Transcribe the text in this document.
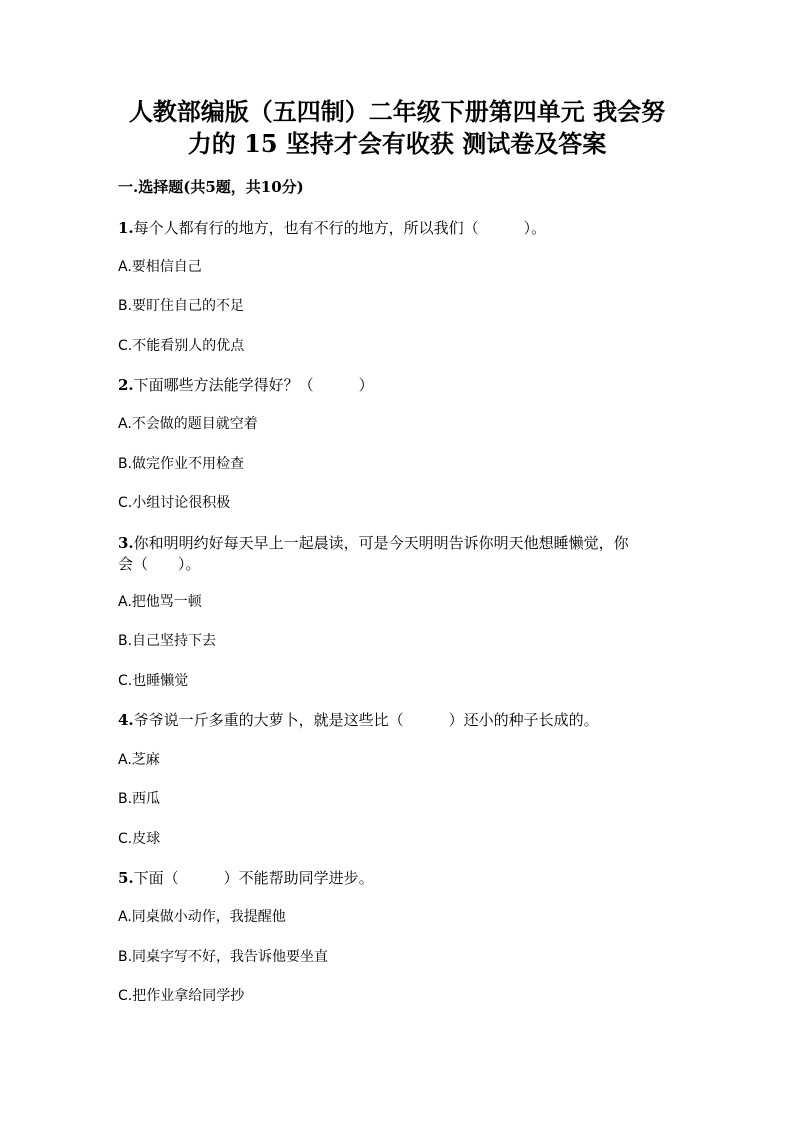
人教部编版（五四制）二年级下册第四单元 我会努
力的 15 坚持才会有收获 测试卷及答案
一.选择题(共5题，共10分)
1.每个人都有行的地方，也有不行的地方，所以我们（　　　）。
A.要相信自己
B.要盯住自己的不足
C.不能看别人的优点
2.下面哪些方法能学得好？（　　　）
A.不会做的题目就空着
B.做完作业不用检查
C.小组讨论很积极
3.你和明明约好每天早上一起晨读，可是今天明明告诉你明天他想睡懒觉，你
会（　　）。
A.把他骂一顿
B.自己坚持下去
C.也睡懒觉
4.爷爷说一斤多重的大萝卜，就是这些比（　　　）还小的种子长成的。
A.芝麻
B.西瓜
C.皮球
5.下面（　　　）不能帮助同学进步。
A.同桌做小动作，我提醒他
B.同桌字写不好，我告诉他要坐直
C.把作业拿给同学抄
